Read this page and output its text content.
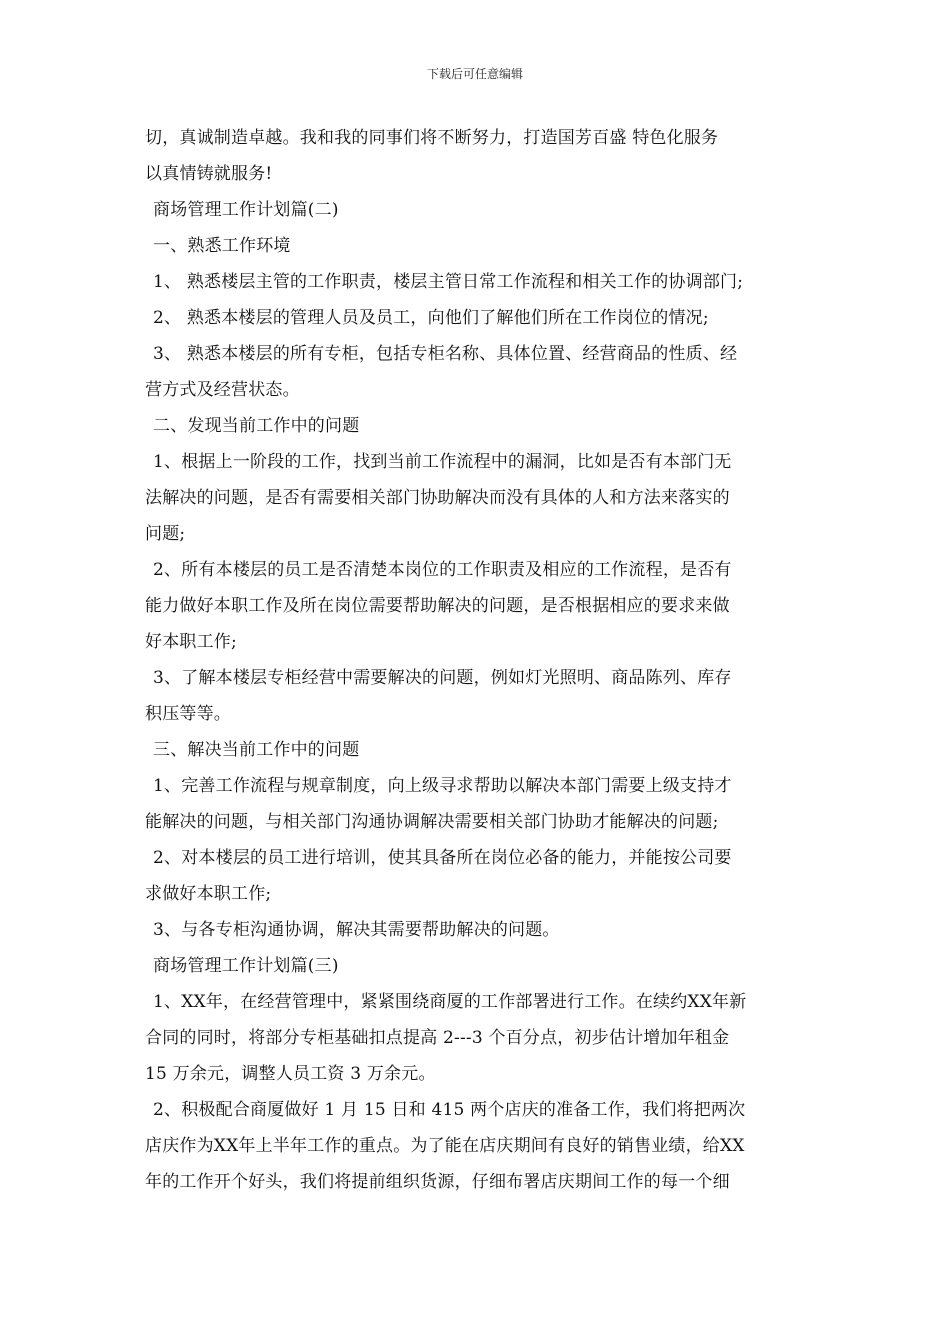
下载后可任意编辑
切，真诚制造卓越。我和我的同事们将不断努力，打造国芳百盛 特色化服务
以真情铸就服务!
商场管理工作计划篇(二)
一、熟悉工作环境
1、 熟悉楼层主管的工作职责，楼层主管日常工作流程和相关工作的协调部门;
2、 熟悉本楼层的管理人员及员工，向他们了解他们所在工作岗位的情况;
3、 熟悉本楼层的所有专柜，包括专柜名称、具体位置、经营商品的性质、经
营方式及经营状态。
二、发现当前工作中的问题
1、根据上一阶段的工作，找到当前工作流程中的漏洞，比如是否有本部门无
法解决的问题，是否有需要相关部门协助解决而没有具体的人和方法来落实的
问题;
2、所有本楼层的员工是否清楚本岗位的工作职责及相应的工作流程，是否有
能力做好本职工作及所在岗位需要帮助解决的问题，是否根据相应的要求来做
好本职工作;
3、了解本楼层专柜经营中需要解决的问题，例如灯光照明、商品陈列、库存
积压等等。
三、解决当前工作中的问题
1、完善工作流程与规章制度，向上级寻求帮助以解决本部门需要上级支持才
能解决的问题，与相关部门沟通协调解决需要相关部门协助才能解决的问题;
2、对本楼层的员工进行培训，使其具备所在岗位必备的能力，并能按公司要
求做好本职工作;
3、与各专柜沟通协调，解决其需要帮助解决的问题。
商场管理工作计划篇(三)
1、XX年，在经营管理中，紧紧围绕商厦的工作部署进行工作。在续约XX年新
合同的同时，将部分专柜基础扣点提高 2---3 个百分点，初步估计增加年租金
15 万余元，调整人员工资 3 万余元。
2、积极配合商厦做好 1 月 15 日和 415 两个店庆的准备工作，我们将把两次
店庆作为XX年上半年工作的重点。为了能在店庆期间有良好的销售业绩，给XX
年的工作开个好头，我们将提前组织货源，仔细布署店庆期间工作的每一个细
